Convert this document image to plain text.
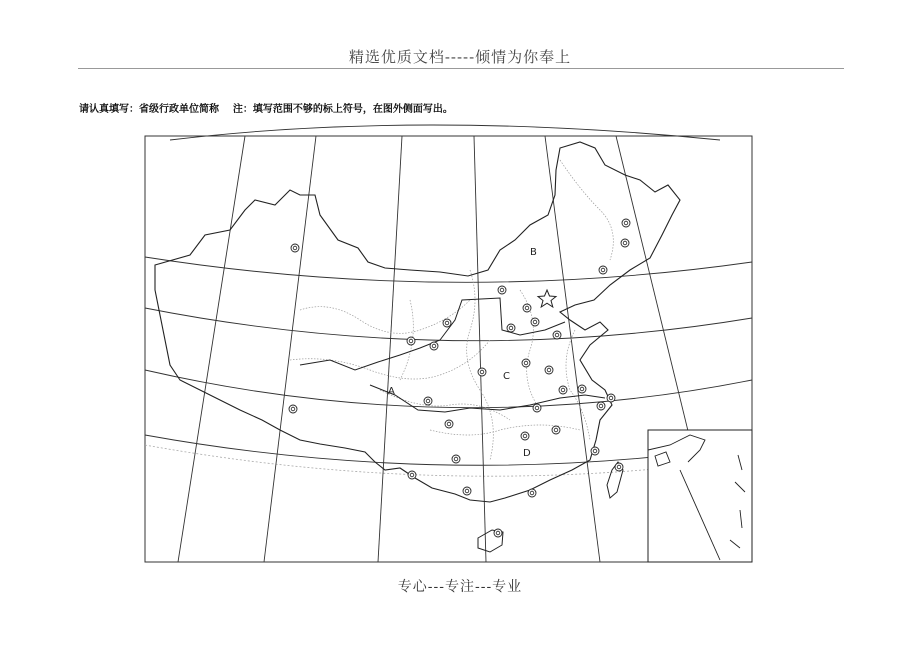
精选优质文档-----倾情为你奉上
请认真填写：省级行政单位简称    注：填写范围不够的标上符号，在图外侧面写出。
B
C
A
D
专心---专注---专业
